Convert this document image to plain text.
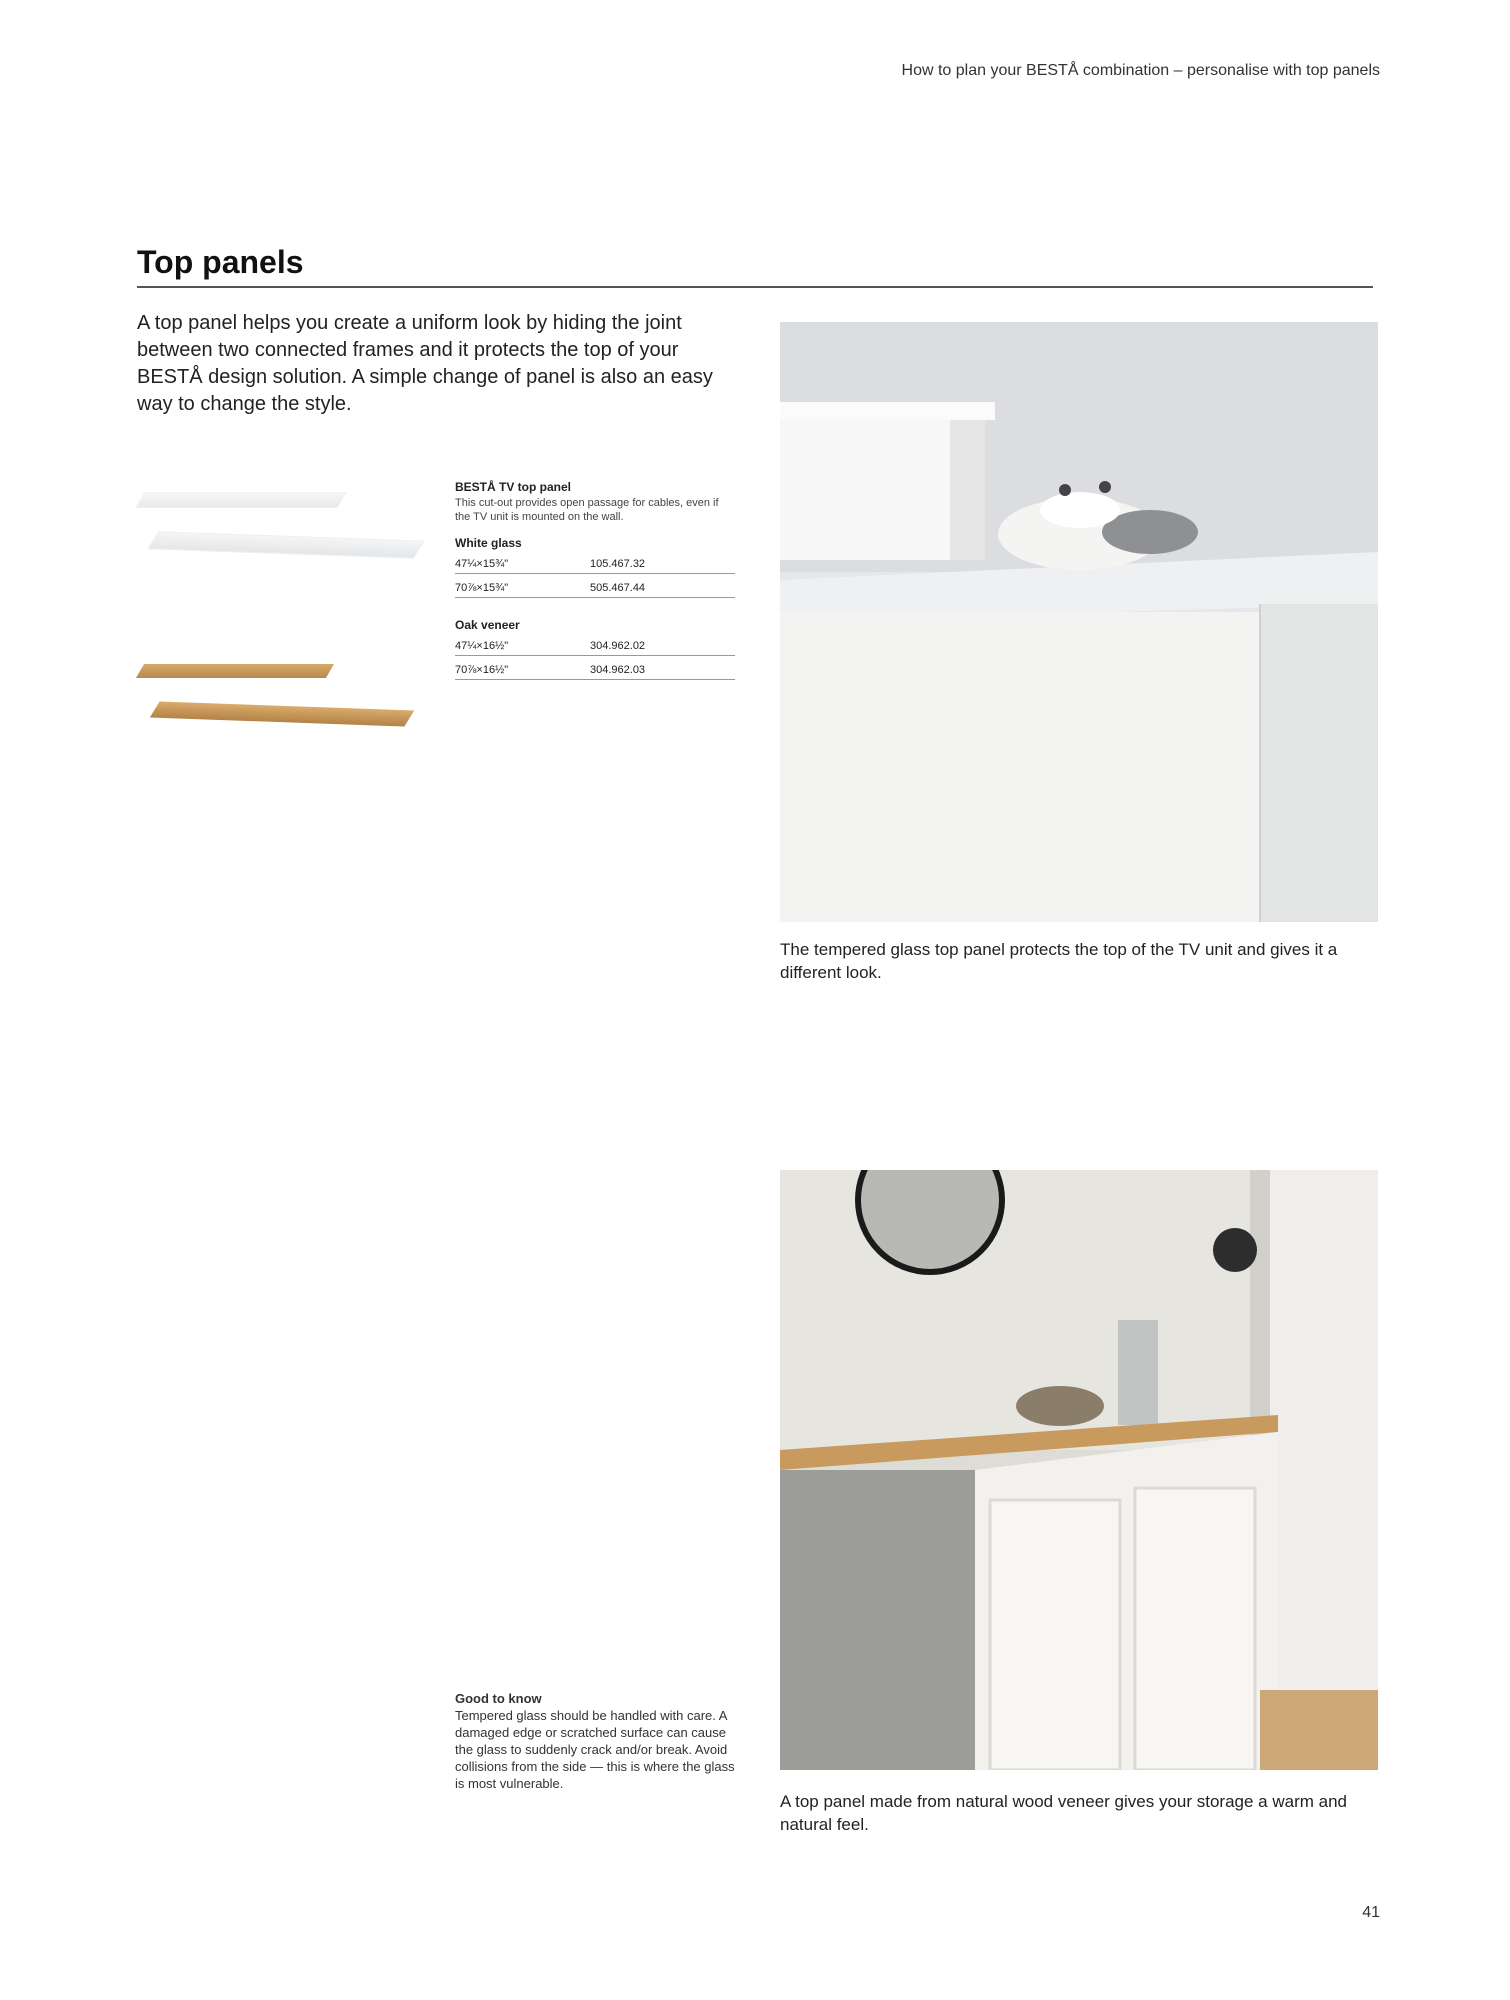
How to plan your BESTÅ combination – personalise with top panels
Top panels
A top panel helps you create a uniform look by hiding the joint between two connected frames and it protects the top of your BESTÅ design solution. A simple change of panel is also an easy way to change the style.
BESTÅ TV top panel
This cut-out provides open passage for cables, even if the TV unit is mounted on the wall.
White glass
47¼×15¾"	105.467.32
70⅞×15¾"	505.467.44
Oak veneer
47¼×16½"	304.962.02
70⅞×16½"	304.962.03
The tempered glass top panel protects the top of the TV unit and gives it a different look.
A top panel made from natural wood veneer gives your storage a warm and natural feel.
Good to know
Tempered glass should be handled with care. A damaged edge or scratched surface can cause the glass to suddenly crack and/or break. Avoid collisions from the side — this is where the glass is most vulnerable.
41
